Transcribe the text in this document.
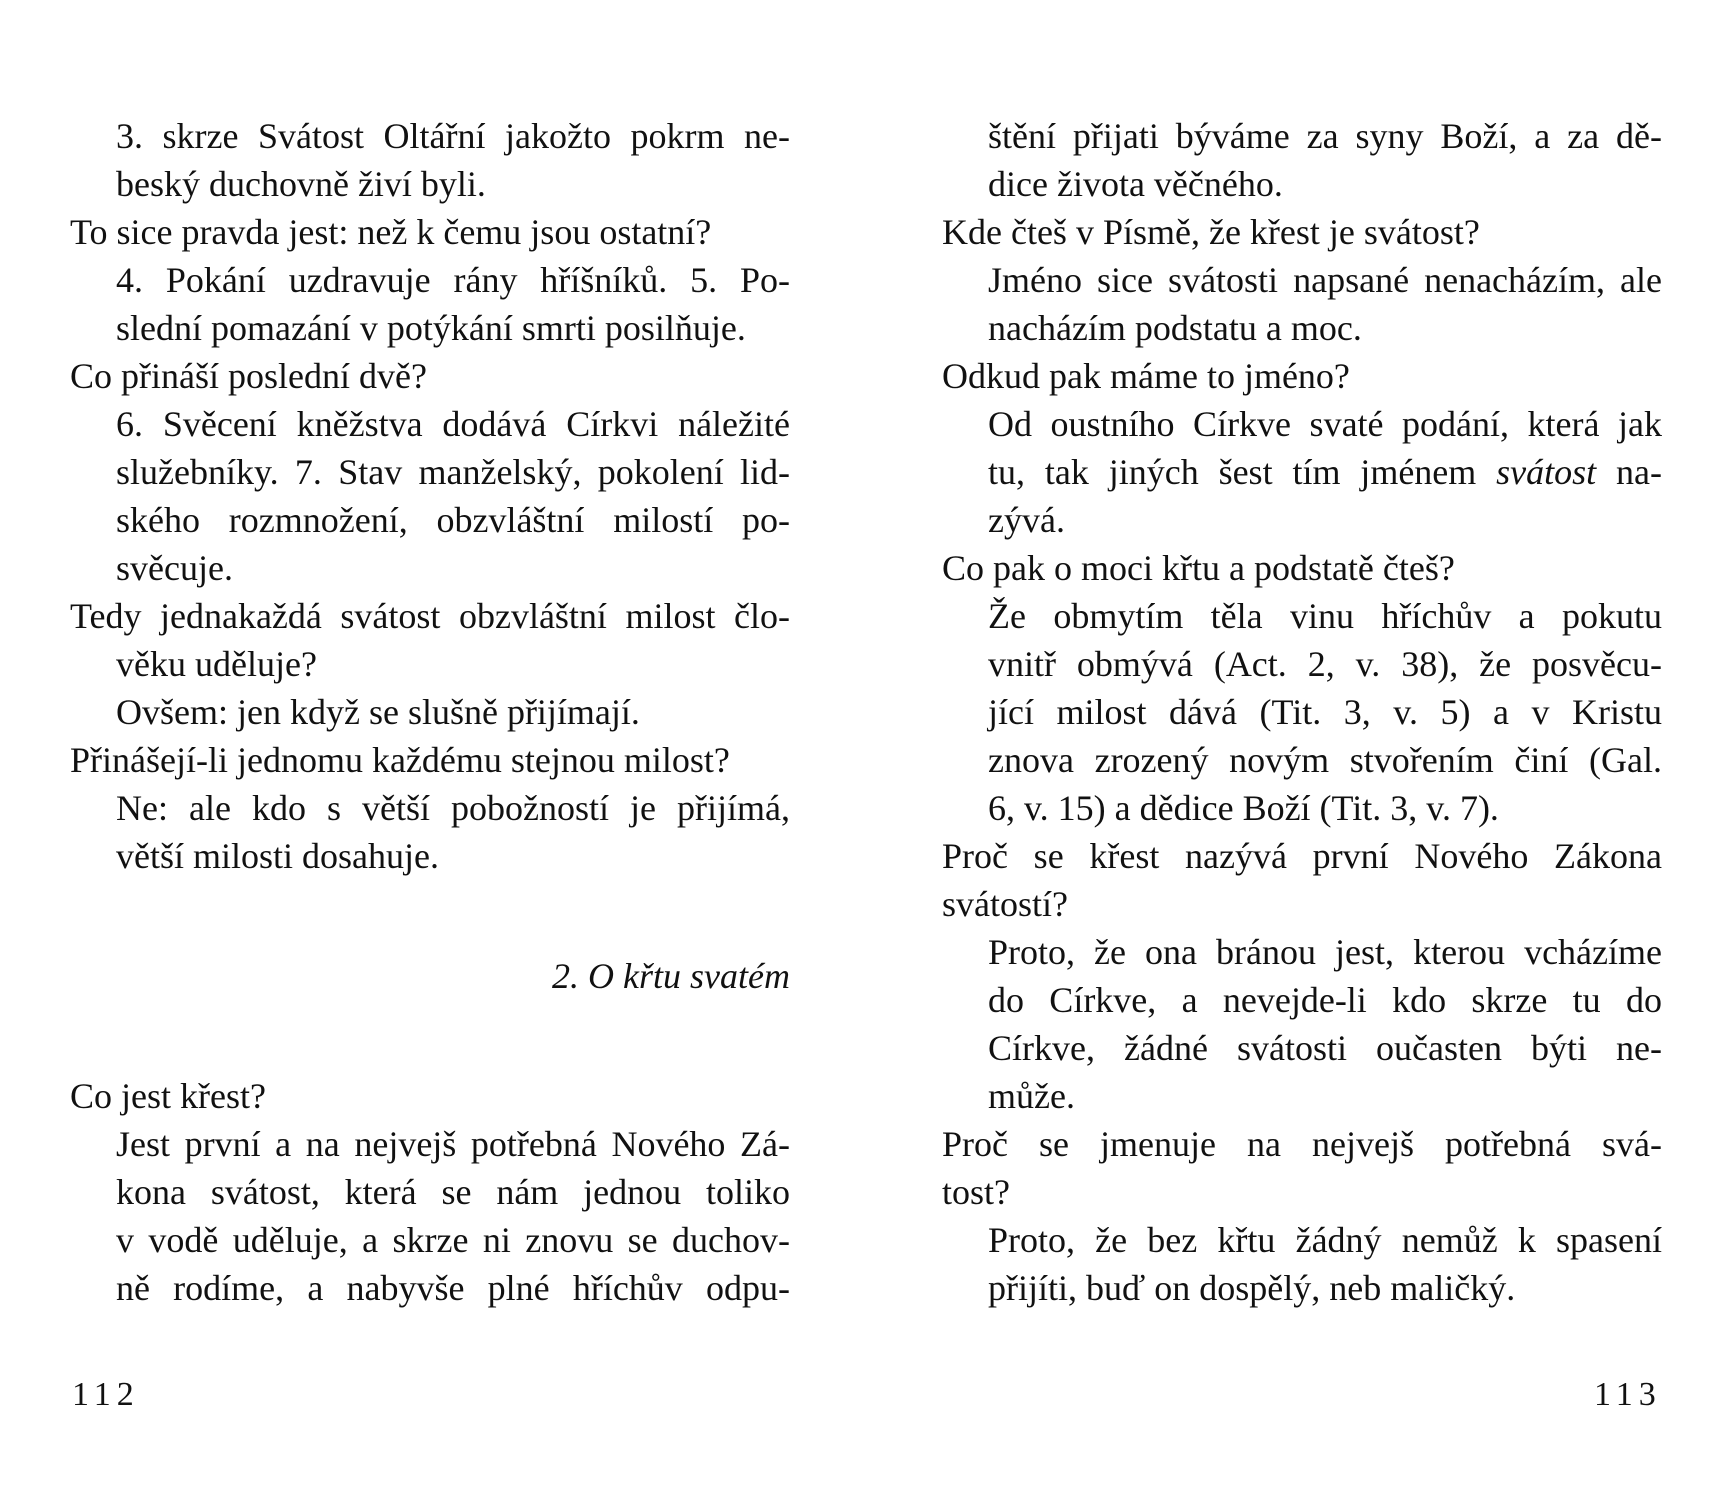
3. skrze Svátost Oltářní jakožto pokrm ne-
beský duchovně živí byli.
To sice pravda jest: než k čemu jsou ostatní?
4. Pokání uzdravuje rány hříšníků. 5. Po-
slední pomazání v potýkání smrti posilňuje.
Co přináší poslední dvě?
6. Svěcení kněžstva dodává Církvi náležité
služebníky. 7. Stav manželský, pokolení lid-
ského rozmnožení, obzvláštní milostí po-
svěcuje.
Tedy jednakaždá svátost obzvláštní milost člo-
věku uděluje?
Ovšem: jen když se slušně přijímají.
Přinášejí-li jednomu každému stejnou milost?
Ne: ale kdo s větší pobožností je přijímá,
větší milosti dosahuje.
2. O křtu svatém
Co jest křest?
Jest první a na nejvejš potřebná Nového Zá-
kona svátost, která se nám jednou toliko
v vodě uděluje, a skrze ni znovu se duchov-
ně rodíme, a nabyvše plné hříchův odpu-
štění přijati býváme za syny Boží, a za dě-
dice života věčného.
Kde čteš v Písmě, že křest je svátost?
Jméno sice svátosti napsané nenacházím, ale
nacházím podstatu a moc.
Odkud pak máme to jméno?
Od oustního Církve svaté podání, která jak
tu, tak jiných šest tím jménem svátost na-
zývá.
Co pak o moci křtu a podstatě čteš?
Že obmytím těla vinu hříchův a pokutu
vnitř obmývá (Act. 2, v. 38), že posvěcu-
jící milost dává (Tit. 3, v. 5) a v Kristu
znova zrozený novým stvořením činí (Gal.
6, v. 15) a dědice Boží (Tit. 3, v. 7).
Proč se křest nazývá první Nového Zákona
svátostí?
Proto, že ona bránou jest, kterou vcházíme
do Církve, a nevejde-li kdo skrze tu do
Církve, žádné svátosti oučasten býti ne-
může.
Proč se jmenuje na nejvejš potřebná svá-
tost?
Proto, že bez křtu žádný nemůž k spasení
přijíti, buď on dospělý, neb maličký.
112	113
